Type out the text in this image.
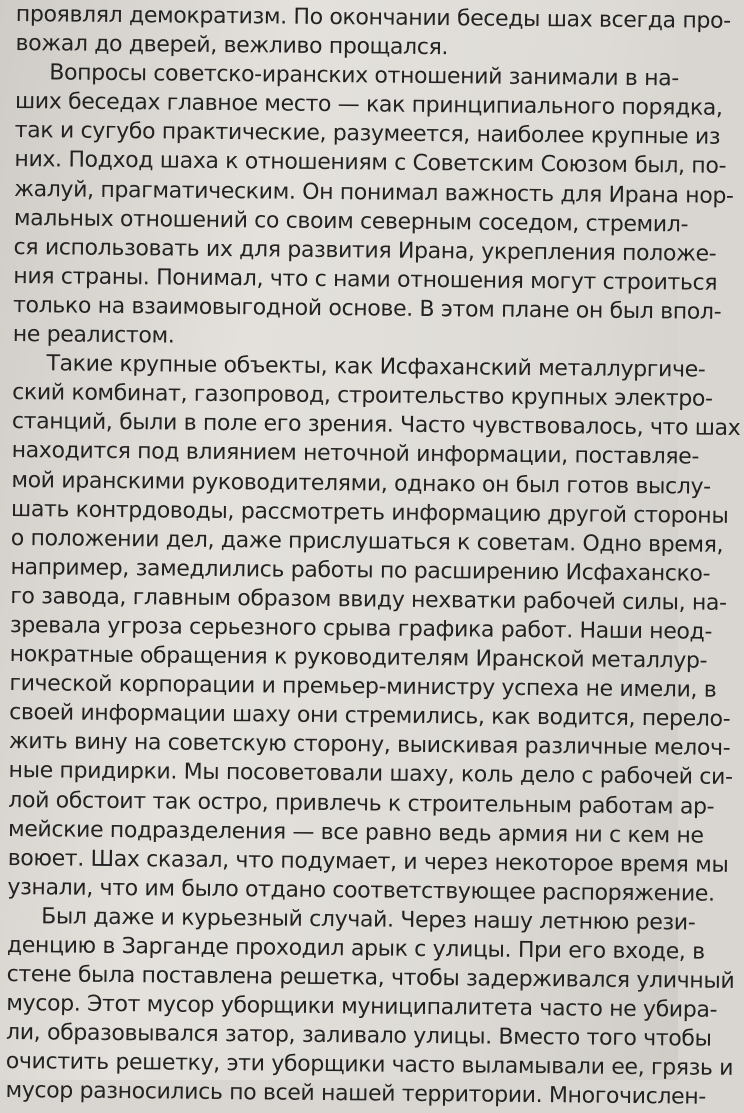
проявлял демократизм. По окончании беседы шах всегда про-
вожал до дверей, вежливо прощался.
Вопросы советско-иранских отношений занимали в на-
ших беседах главное место — как принципиального порядка,
так и сугубо практические, разумеется, наиболее крупные из
них. Подход шаха к отношениям с Советским Союзом был, по-
жалуй, прагматическим. Он понимал важность для Ирана нор-
мальных отношений со своим северным соседом, стремил-
ся использовать их для развития Ирана, укрепления положе-
ния страны. Понимал, что с нами отношения могут строиться
только на взаимовыгодной основе. В этом плане он был впол-
не реалистом.
Такие крупные объекты, как Исфаханский металлургиче-
ский комбинат, газопровод, строительство крупных электро-
станций, были в поле его зрения. Часто чувствовалось, что шах
находится под влиянием неточной информации, поставляе-
мой иранскими руководителями, однако он был готов выслу-
шать контрдоводы, рассмотреть информацию другой стороны
о положении дел, даже прислушаться к советам. Одно время,
например, замедлились работы по расширению Исфаханско-
го завода, главным образом ввиду нехватки рабочей силы, на-
зревала угроза серьезного срыва графика работ. Наши неод-
нократные обращения к руководителям Иранской металлур-
гической корпорации и премьер-министру успеха не имели, в
своей информации шаху они стремились, как водится, перело-
жить вину на советскую сторону, выискивая различные мелоч-
ные придирки. Мы посоветовали шаху, коль дело с рабочей си-
лой обстоит так остро, привлечь к строительным работам ар-
мейские подразделения — все равно ведь армия ни с кем не
воюет. Шах сказал, что подумает, и через некоторое время мы
узнали, что им было отдано соответствующее распоряжение.
Был даже и курьезный случай. Через нашу летнюю рези-
денцию в Зарганде проходил арык с улицы. При его входе, в
стене была поставлена решетка, чтобы задерживался уличный
мусор. Этот мусор уборщики муниципалитета часто не убира-
ли, образовывался затор, заливало улицы. Вместо того чтобы
очистить решетку, эти уборщики часто выламывали ее, грязь и
мусор разносились по всей нашей территории. Многочислен-
